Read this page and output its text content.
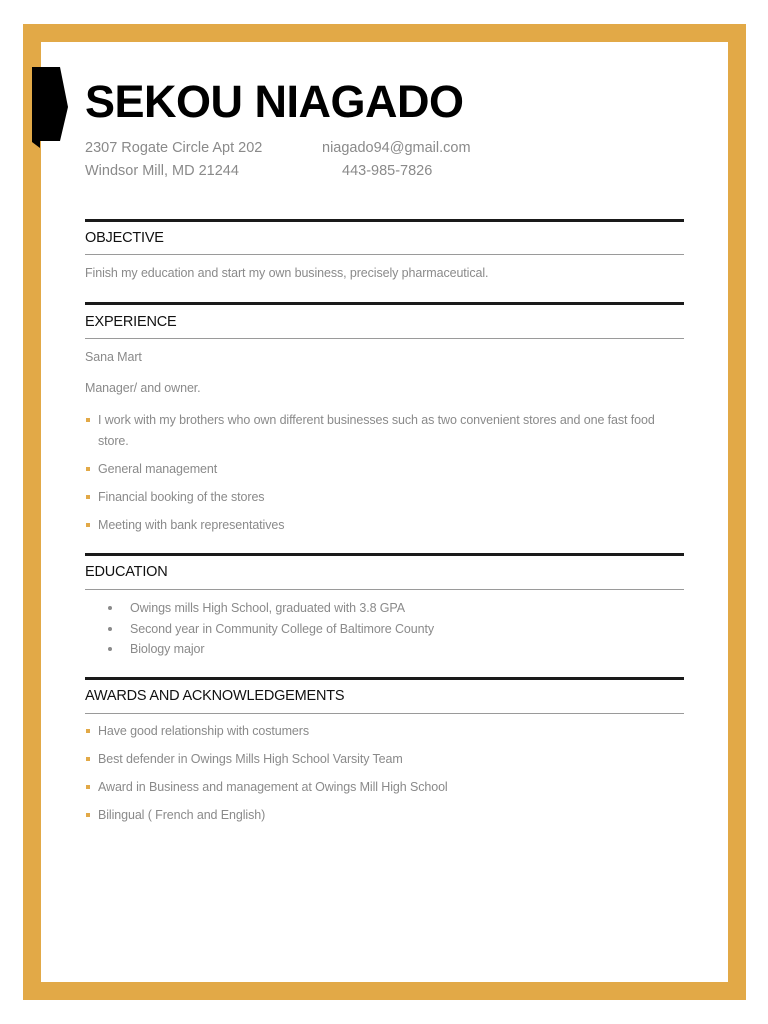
SEKOU NIAGADO
2307 Rogate Circle Apt 202
Windsor Mill, MD 21244
niagado94@gmail.com
443-985-7826
OBJECTIVE
Finish my education and start my own business, precisely pharmaceutical.
EXPERIENCE
Sana Mart
Manager/ and owner.
I work with my brothers who own different businesses such as two convenient stores and one fast food store.
General management
Financial booking of the stores
Meeting with bank representatives
EDUCATION
Owings mills High School, graduated with 3.8 GPA
Second year in Community College of Baltimore County
Biology major
AWARDS AND ACKNOWLEDGEMENTS
Have good relationship with costumers
Best defender in Owings Mills High School Varsity Team
Award in Business and management at Owings Mill High School
Bilingual ( French and English)
